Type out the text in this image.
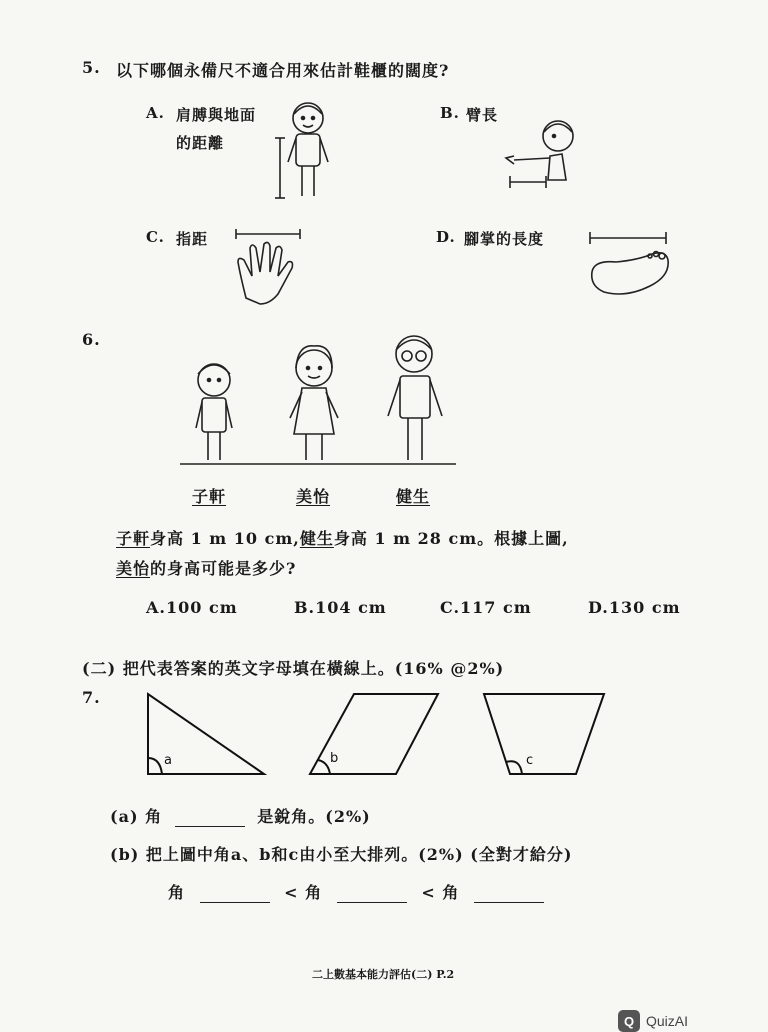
5. 以下哪個永備尺不適合用來估計鞋櫃的闊度?
A. 肩膊與地面
的距離
B. 臂長
C. 指距	D. 腳掌的長度
6.
子軒	美怡	健生
子軒身高 1 m 10 cm,健生身高 1 m 28 cm。根據上圖,
美怡的身高可能是多少?
A.100 cm	B.104 cm	C.117 cm	D.130 cm
(二) 把代表答案的英文字母填在橫線上。(16% @2%)
7.
a	b	c
(a) 角	是銳角。(2%)
(b) 把上圖中角a、b和c由小至大排列。(2%) (全對才給分)
角	< 角	< 角
二上數基本能力評估(二) P.2
Q QuizAI
